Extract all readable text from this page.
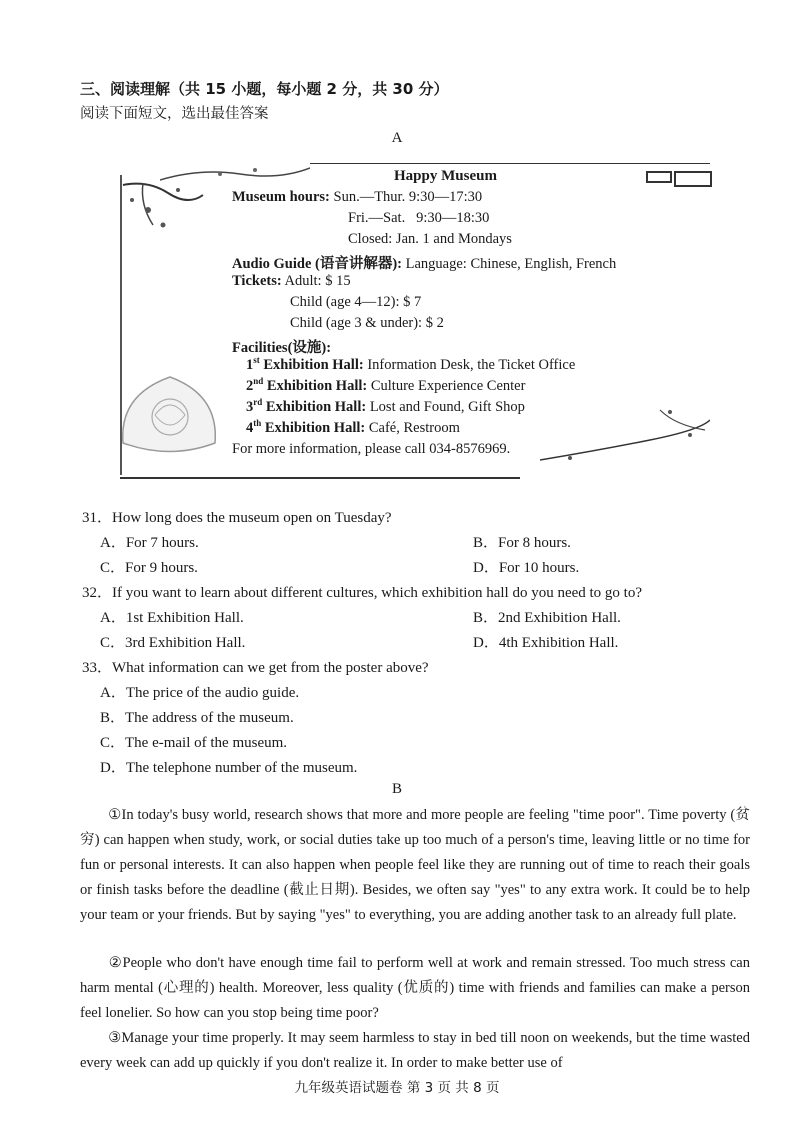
三、阅读理解（共 15 小题，每小题 2 分，共 30 分）
阅读下面短文，选出最佳答案
A
Happy Museum
Museum hours: Sun.—Thur. 9:30—17:30
Fri.—Sat.   9:30—18:30
Closed: Jan. 1 and Mondays
Audio Guide (语音讲解器): Language: Chinese, English, French
Tickets: Adult: $ 15
Child (age 4—12): $ 7
Child (age 3 & under): $ 2
Facilities(设施):
1st Exhibition Hall: Information Desk, the Ticket Office
2nd Exhibition Hall: Culture Experience Center
3rd Exhibition Hall: Lost and Found, Gift Shop
4th Exhibition Hall: Café, Restroom
For more information, please call 034-8576969.
31．How long does the museum open on Tuesday?
A．For 7 hours.	B．For 8 hours.
C．For 9 hours.	D．For 10 hours.
32．If you want to learn about different cultures, which exhibition hall do you need to go to?
A．1st Exhibition Hall.	B．2nd Exhibition Hall.
C．3rd Exhibition Hall.	D．4th Exhibition Hall.
33．What information can we get from the poster above?
A．The price of the audio guide.
B．The address of the museum.
C．The e-mail of the museum.
D．The telephone number of the museum.
B
①In today's busy world, research shows that more and more people are feeling "time poor". Time poverty (贫穷) can happen when study, work, or social duties take up too much of a person's time, leaving little or no time for fun or personal interests. It can also happen when people feel like they are running out of time to reach their goals or finish tasks before the deadline (截止日期). Besides, we often say "yes" to any extra work. It could be to help your team or your friends. But by saying "yes" to everything, you are adding another task to an already full plate.
②People who don't have enough time fail to perform well at work and remain stressed. Too much stress can harm mental (心理的) health. Moreover, less quality (优质的) time with friends and families can make a person feel lonelier. So how can you stop being time poor?
③Manage your time properly. It may seem harmless to stay in bed till noon on weekends, but the time wasted every week can add up quickly if you don't realize it. In order to make better use of
九年级英语试题卷 第 3 页 共 8 页
